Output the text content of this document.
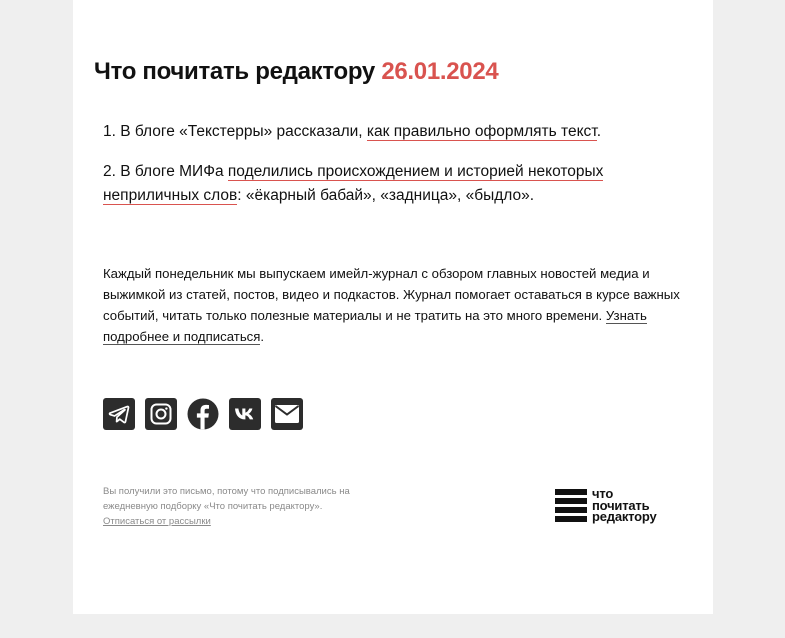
Что почитать редактору 26.01.2024

1. В блоге «Текстерры» рассказали, как правильно оформлять текст.

2. В блоге МИФа поделились происхождением и историей некоторых неприличных слов: «ёкарный бабай», «задница», «быдло».

Каждый понедельник мы выпускаем имейл-журнал с обзором главных новостей медиа и выжимкой из статей, постов, видео и подкастов. Журнал помогает оставаться в курсе важных событий, читать только полезные материалы и не тратить на это много времени. Узнать подробнее и подписаться.

Вы получили это письмо, потому что подписывались на ежедневную подборку «Что почитать редактору».

Отписаться от рассылки
что
почитать
редактору
